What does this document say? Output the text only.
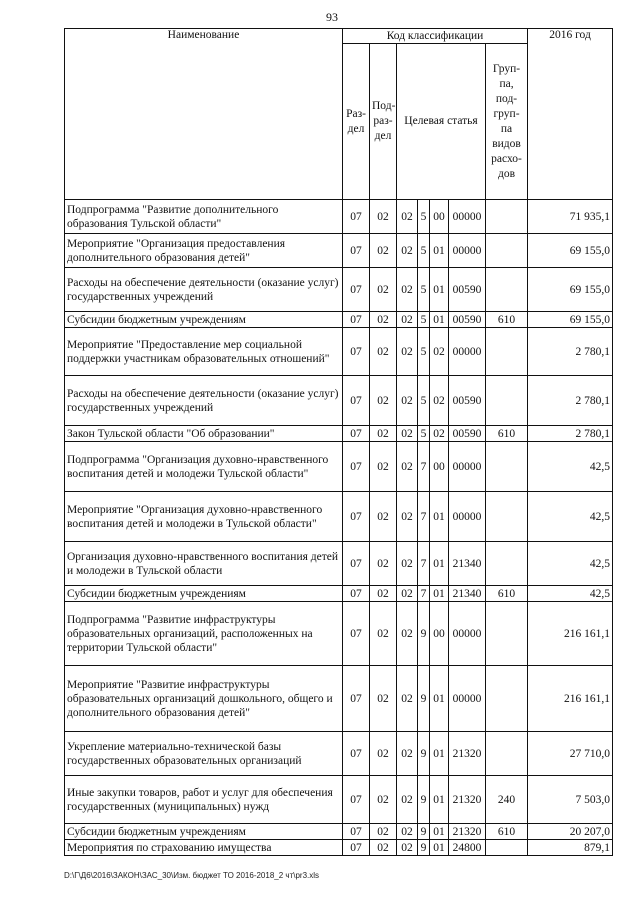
93
Наименование	Код классификации							2016 год
	Раз-дел	Под-раз-дел	Целевая статья				Груп-па, под-груп-па видов расхо-дов	
Подпрограмма "Развитие дополнительного образования Тульской области"	07	02	02	5	00	00000		71 935,1
Мероприятие "Организация предоставления дополнительного образования детей"	07	02	02	5	01	00000		69 155,0
Расходы на обеспечение деятельности (оказание услуг) государственных учреждений	07	02	02	5	01	00590		69 155,0
Субсидии бюджетным учреждениям	07	02	02	5	01	00590	610	69 155,0
Мероприятие "Предоставление мер социальной поддержки участникам образовательных отношений"	07	02	02	5	02	00000		2 780,1
Расходы на обеспечение деятельности (оказание услуг) государственных учреждений	07	02	02	5	02	00590		2 780,1
Закон Тульской области "Об образовании"	07	02	02	5	02	00590	610	2 780,1
Подпрограмма "Организация духовно-нравственного воспитания детей и молодежи Тульской области"	07	02	02	7	00	00000		42,5
Мероприятие "Организация духовно-нравственного воспитания детей и молодежи в Тульской области"	07	02	02	7	01	00000		42,5
Организация духовно-нравственного воспитания детей и молодежи в Тульской области	07	02	02	7	01	21340		42,5
Субсидии бюджетным учреждениям	07	02	02	7	01	21340	610	42,5
Подпрограмма "Развитие инфраструктуры образовательных организаций, расположенных на территории Тульской области"	07	02	02	9	00	00000		216 161,1
Мероприятие "Развитие инфраструктуры образовательных организаций дошкольного, общего и дополнительного образования детей"	07	02	02	9	01	00000		216 161,1
Укрепление материально-технической базы государственных образовательных организаций	07	02	02	9	01	21320		27 710,0
Иные закупки товаров, работ и услуг для обеспечения государственных (муниципальных) нужд	07	02	02	9	01	21320	240	7 503,0
Субсидии бюджетным учреждениям	07	02	02	9	01	21320	610	20 207,0
Мероприятия по страхованию имущества	07	02	02	9	01	24800		879,1
D:\Г\Д6\2016\ЗАКОН\ЗАС_30\Изм. бюджет ТО 2016-2018_2 чт\pr3.xls
